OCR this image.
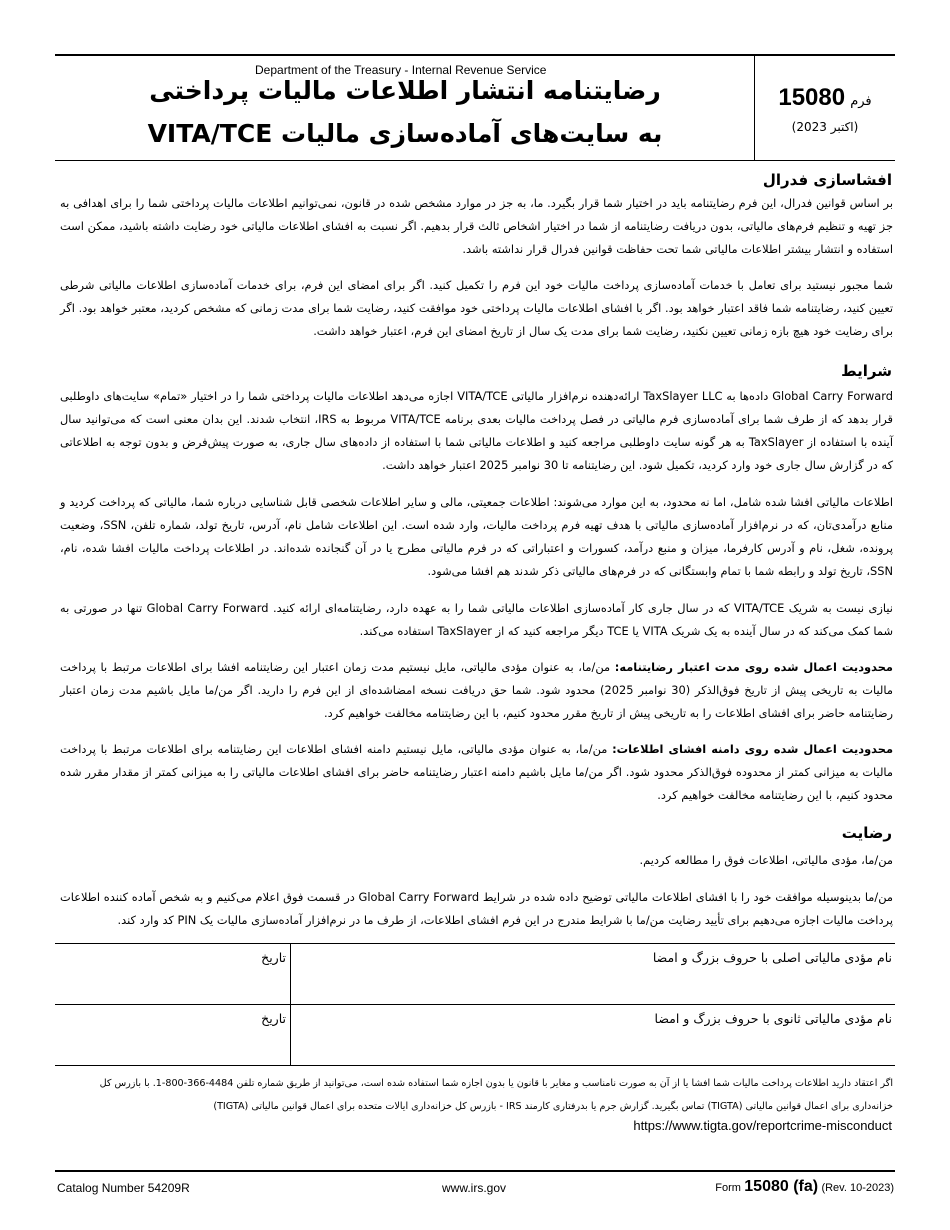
Department of the Treasury - Internal Revenue Service
رضایتنامه انتشار اطلاعات مالیات پرداختی
به سایت‌های آماده‌سازی مالیات VITA/TCE
فرم 15080
(اکتبر 2023)
افشاسازی فدرال
بر اساس قوانین فدرال، این فرم رضایتنامه باید در اختیار شما قرار بگیرد. ما، به جز در موارد مشخص شده در قانون، نمی‌توانیم اطلاعات مالیات پرداختی شما را برای اهدافی به جز تهیه و تنظیم فرم‌های مالیاتی، بدون دریافت رضایتنامه از شما در اختیار اشخاص ثالث قرار بدهیم. اگر نسبت به افشای اطلاعات مالیاتی خود رضایت داشته باشید، ممکن است استفاده و انتشار بیشتر اطلاعات مالیاتی شما تحت حفاظت قوانین فدرال قرار نداشته باشد.
شما مجبور نیستید برای تعامل با خدمات آماده‌سازی پرداخت مالیات خود این فرم را تکمیل کنید. اگر برای امضای این فرم، برای خدمات آماده‌سازی اطلاعات مالیاتی شرطی تعیین کنید، رضایتنامه شما فاقد اعتبار خواهد بود. اگر با افشای اطلاعات مالیات پرداختی خود موافقت کنید، رضایت شما برای مدت زمانی که مشخص کردید، معتبر خواهد بود. اگر برای رضایت خود هیچ بازه زمانی تعیین نکنید، رضایت شما برای مدت یک سال از تاریخ امضای این فرم، اعتبار خواهد داشت.
شرایط
Global Carry Forward داده‌ها به TaxSlayer LLC ارائه‌دهنده نرم‌افزار مالیاتی VITA/TCE اجازه می‌دهد اطلاعات مالیات پرداختی شما را در اختیار «تمام» سایت‌های داوطلبی قرار بدهد که از طرف شما برای آماده‌سازی فرم مالیاتی در فصل پرداخت مالیات بعدی برنامه VITA/TCE مربوط به IRS، انتخاب شدند. این بدان معنی است که می‌توانید سال آینده با استفاده از TaxSlayer به هر گونه سایت داوطلبی مراجعه کنید و اطلاعات مالیاتی شما با استفاده از داده‌های سال جاری، به صورت پیش‌فرض و بدون توجه به اطلاعاتی که در گزارش سال جاری خود وارد کردید، تکمیل شود. این رضایتنامه تا 30 نوامبر 2025 اعتبار خواهد داشت.
اطلاعات مالیاتی افشا شده شامل، اما نه محدود، به این موارد می‌شوند: اطلاعات جمعیتی، مالی و سایر اطلاعات شخصی قابل شناسایی درباره شما، مالیاتی که پرداخت کردید و منابع درآمدی‌تان، که در نرم‌افزار آماده‌سازی مالیاتی با هدف تهیه فرم پرداخت مالیات، وارد شده است. این اطلاعات شامل نام، آدرس، تاریخ تولد، شماره تلفن، SSN، وضعیت پرونده، شغل، نام و آدرس کارفرما، میزان و منبع درآمد، کسورات و اعتباراتی که در فرم مالیاتی مطرح یا در آن گنجانده شده‌اند. در اطلاعات پرداخت مالیات افشا شده، نام، SSN، تاریخ تولد و رابطه شما با تمام وابستگانی که در فرم‌های مالیاتی ذکر شدند هم افشا می‌شود.
نیازی نیست به شریک VITA/TCE که در سال جاری کار آماده‌سازی اطلاعات مالیاتی شما را به عهده دارد، رضایتنامه‌ای ارائه کنید. Global Carry Forward تنها در صورتی به شما کمک می‌کند که در سال آینده به یک شریک VITA یا TCE دیگر مراجعه کنید که از TaxSlayer استفاده می‌کند.
محدودیت اعمال شده روی مدت اعتبار رضایتنامه: من/ما، به عنوان مؤدی مالیاتی، مایل نیستیم مدت زمان اعتبار این رضایتنامه افشا برای اطلاعات مرتبط با پرداخت مالیات به تاریخی پیش از تاریخ فوق‌الذکر (30 نوامبر 2025) محدود شود. شما حق دریافت نسخه امضاشده‌ای از این فرم را دارید. اگر من/ما مایل باشیم مدت زمان اعتبار رضایتنامه حاضر برای افشای اطلاعات را به تاریخی پیش از تاریخ مقرر محدود کنیم، با این رضایتنامه مخالفت خواهیم کرد.
محدودیت اعمال شده روی دامنه افشای اطلاعات: من/ما، به عنوان مؤدی مالیاتی، مایل نیستیم دامنه افشای اطلاعات این رضایتنامه برای اطلاعات مرتبط با پرداخت مالیات به میزانی کمتر از محدوده فوق‌الذکر محدود شود. اگر من/ما مایل باشیم دامنه اعتبار رضایتنامه حاضر برای افشای اطلاعات مالیاتی را به میزانی کمتر از مقدار مقرر شده محدود کنیم، با این رضایتنامه مخالفت خواهیم کرد.
رضایت
من/ما، مؤدی مالیاتی، اطلاعات فوق را مطالعه کردیم.
من/ما بدینوسیله موافقت خود را با افشای اطلاعات مالیاتی توضیح داده شده در شرایط Global Carry Forward در قسمت فوق اعلام می‌کنیم و به شخص آماده کننده اطلاعات پرداخت مالیات اجازه می‌دهیم برای تأیید رضایت من/ما با شرایط مندرج در این فرم افشای اطلاعات، از طرف ما در نرم‌افزار آماده‌سازی مالیات یک PIN کد وارد کند.
نام مؤدی مالیاتی اصلی با حروف بزرگ و امضا
تاریخ
نام مؤدی مالیاتی ثانوی با حروف بزرگ و امضا
تاریخ
اگر اعتقاد دارید اطلاعات پرداخت مالیات شما افشا یا از آن به صورت نامناسب و مغایر با قانون یا بدون اجازه شما استفاده شده است، می‌توانید از طریق شماره تلفن 4484-366-800-1. با بازرس کل خزانه‌داری برای اعمال قوانین مالیاتی (TIGTA) تماس بگیرید. گزارش جرم یا بدرفتاری کارمند IRS - بازرس کل خزانه‌داری ایالات متحده برای اعمال قوانین مالیاتی (TIGTA)
https://www.tigta.gov/reportcrime-misconduct
Catalog Number 54209R	www.irs.gov	Form 15080 (fa) (Rev. 10-2023)
